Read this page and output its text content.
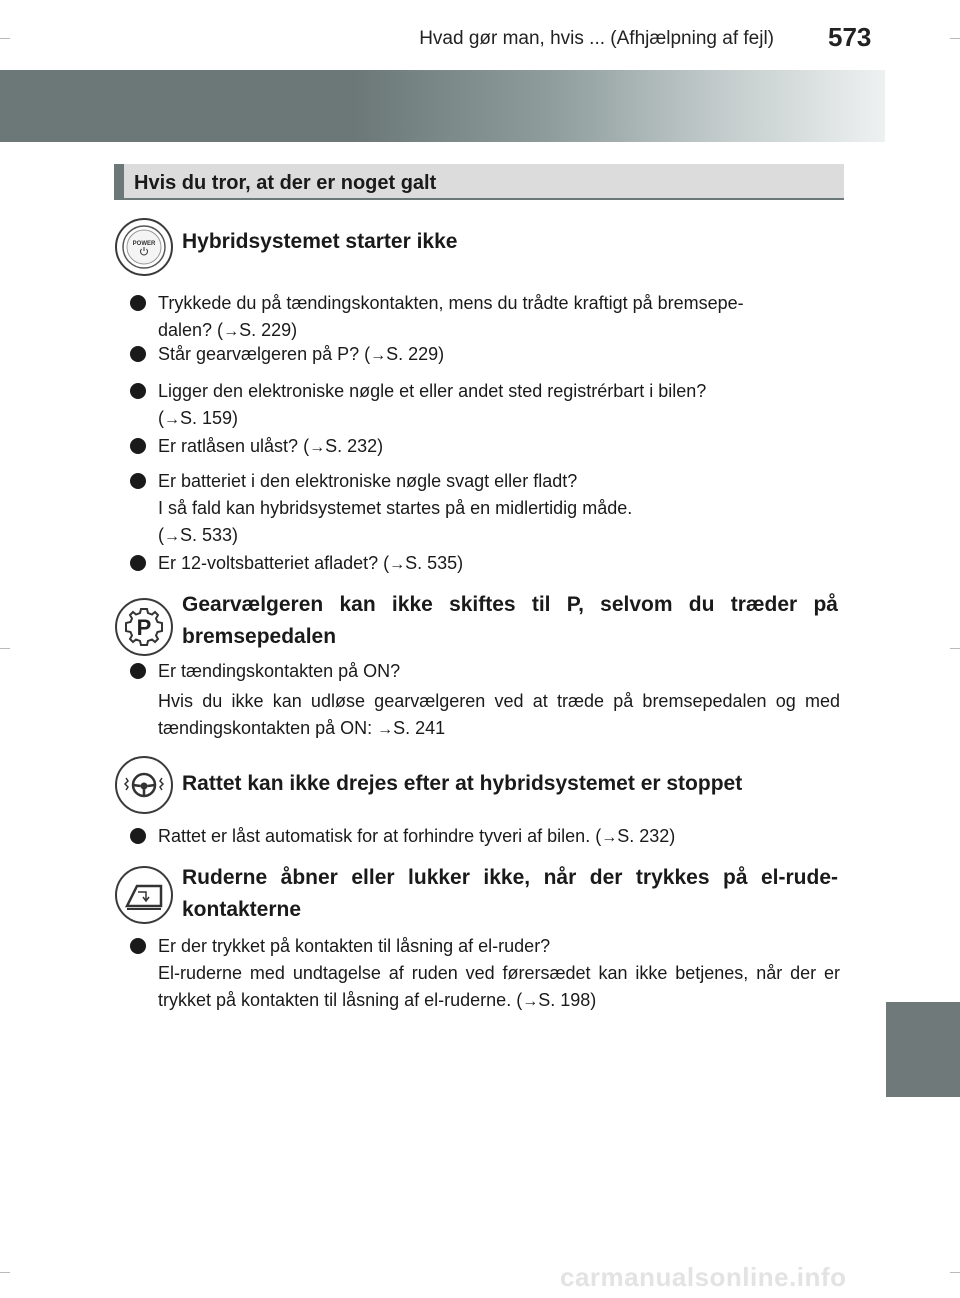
Hvad gør man, hvis ... (Afhjælpning af fejl) 573
Hvis du tror, at der er noget galt
POWER Hybridsystemet starter ikke
Trykkede du på tændingskontakten, mens du trådte kraftigt på bremsepe-
dalen? (→S. 229)
Står gearvælgeren på P? (→S. 229)
Ligger den elektroniske nøgle et eller andet sted registrérbart i bilen?
(→S. 159)
Er ratlåsen ulåst? (→S. 232)
Er batteriet i den elektroniske nøgle svagt eller fladt?
I så fald kan hybridsystemet startes på en midlertidig måde.
(→S. 533)
Er 12-voltsbatteriet afladet? (→S. 535)
P
Gearvælgeren kan ikke skiftes til P, selvom du træder på bremsepedalen
Er tændingskontakten på ON?
Hvis du ikke kan udløse gearvælgeren ved at træde på bremsepedalen og med tændingskontakten på ON: →S. 241
Rattet kan ikke drejes efter at hybridsystemet er stoppet
Rattet er låst automatisk for at forhindre tyveri af bilen. (→S. 232)
Ruderne åbner eller lukker ikke, når der trykkes på el-rude-kontakterne
Er der trykket på kontakten til låsning af el-ruder?
El-ruderne med undtagelse af ruden ved førersædet kan ikke betjenes, når der er trykket på kontakten til låsning af el-ruderne. (→S. 198)
carmanualsonline.info
